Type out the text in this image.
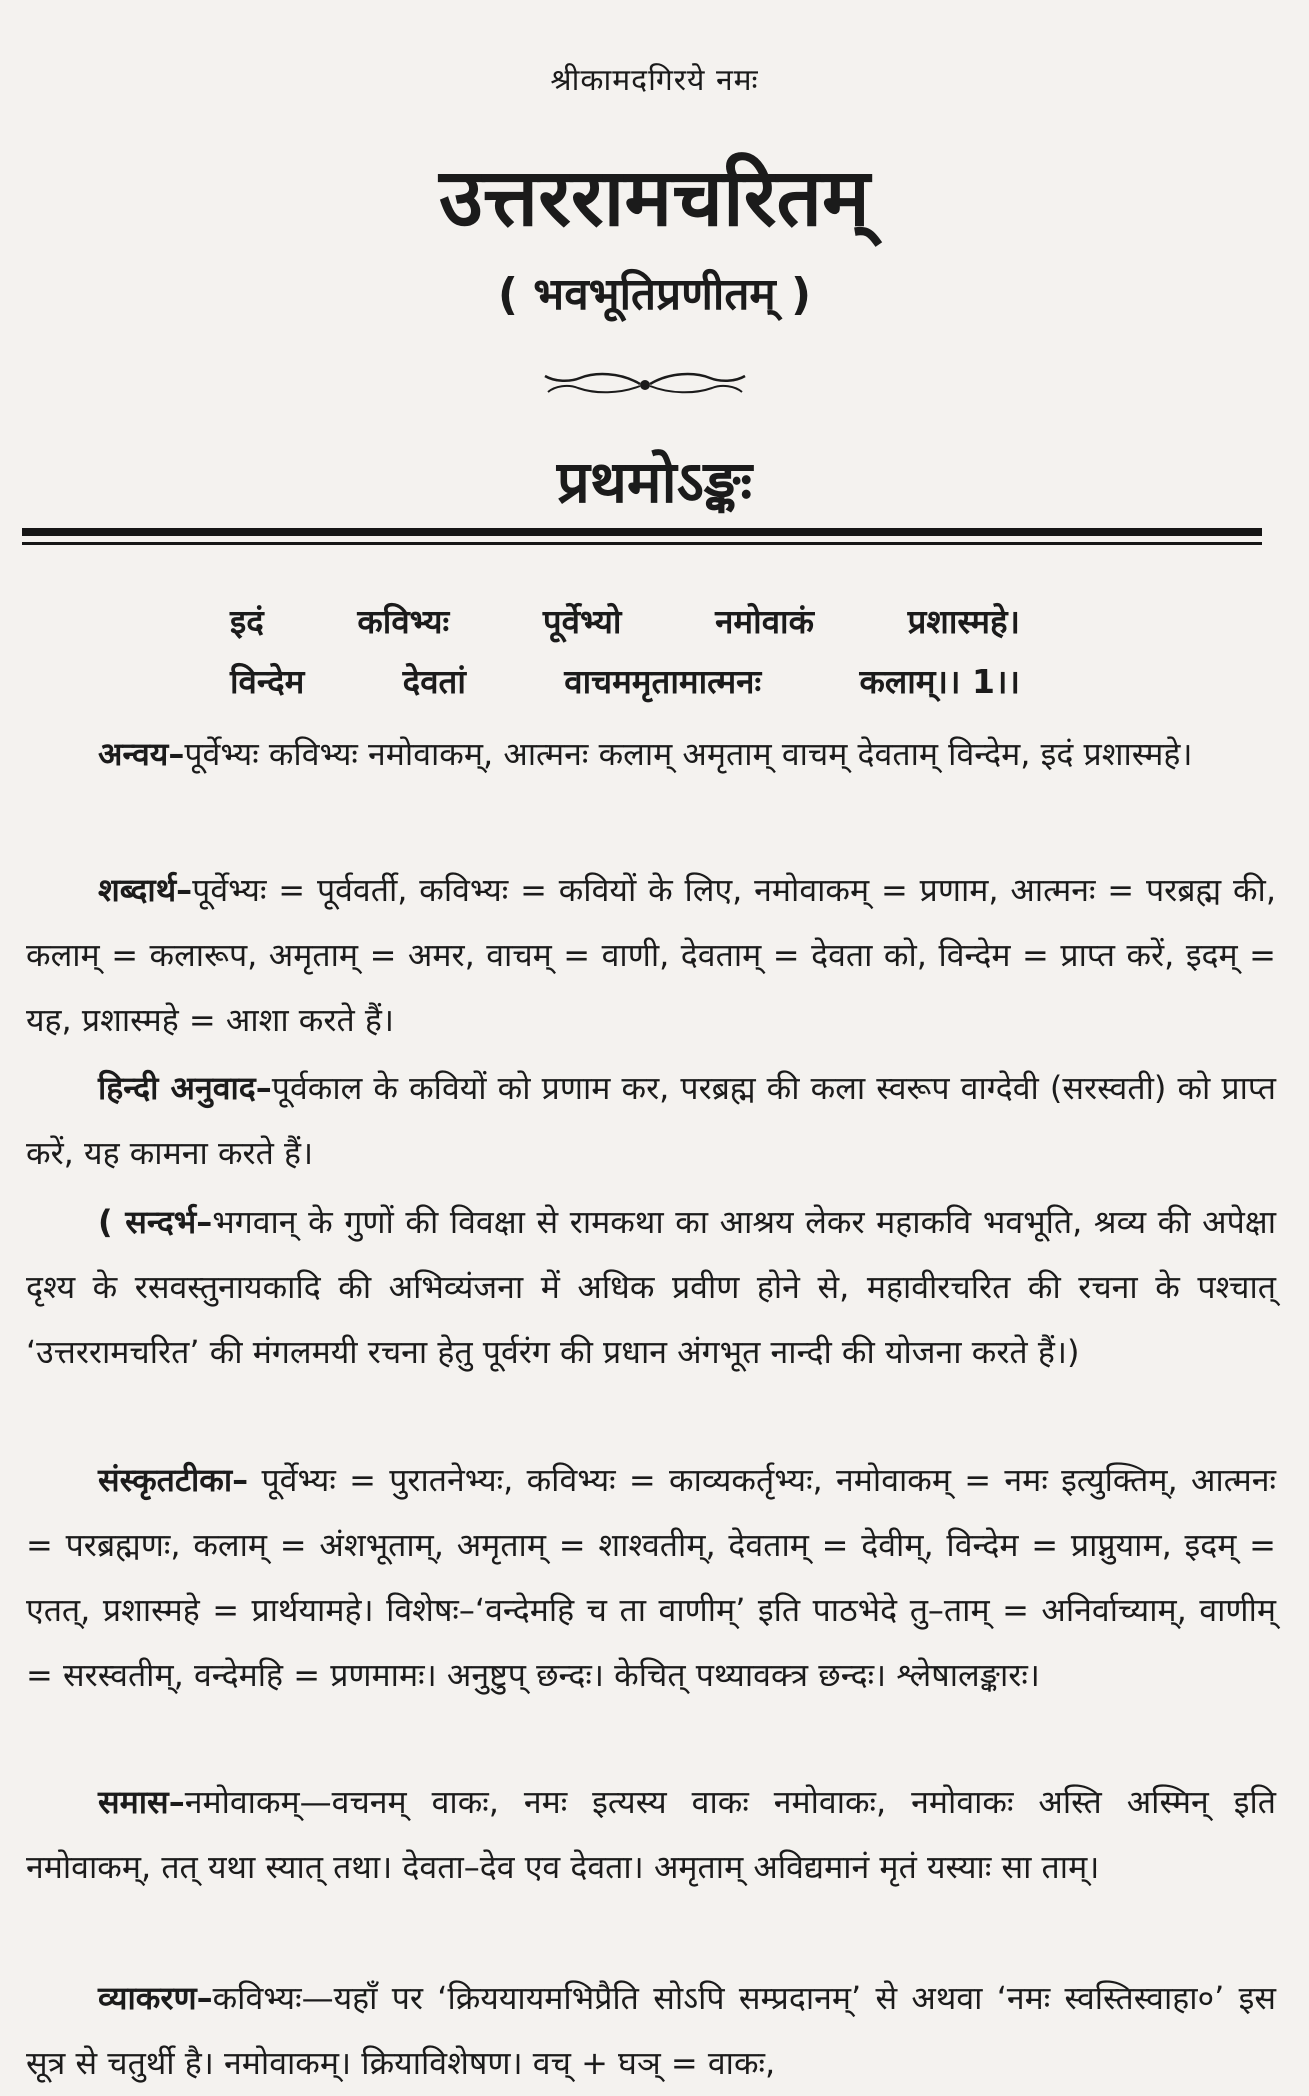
श्रीकामदगिरये नमः
उत्तररामचरितम्
( भवभूतिप्रणीतम् )
प्रथमोऽङ्कः
इदं	कविभ्यः	पूर्वेभ्यो	नमोवाकं	प्रशास्महे।
विन्देम	देवतां	वाचममृतामात्मनः	कलाम्।। 1।।

अन्वय–पूर्वेभ्यः कविभ्यः नमोवाकम्, आत्मनः कलाम् अमृताम् वाचम् देवताम् विन्देम, इदं प्रशास्महे।

शब्दार्थ–पूर्वेभ्यः = पूर्ववर्ती, कविभ्यः = कवियों के लिए, नमोवाकम् = प्रणाम, आत्मनः = परब्रह्म की, कलाम् = कलारूप, अमृताम् = अमर, वाचम् = वाणी, देवताम् = देवता को, विन्देम = प्राप्त करें, इदम् = यह, प्रशास्महे = आशा करते हैं।

हिन्दी अनुवाद–पूर्वकाल के कवियों को प्रणाम कर, परब्रह्म की कला स्वरूप वाग्देवी (सरस्वती) को प्राप्त करें, यह कामना करते हैं।

( सन्दर्भ–भगवान् के गुणों की विवक्षा से रामकथा का आश्रय लेकर महाकवि भवभूति, श्रव्य की अपेक्षा दृश्य के रसवस्तुनायकादि की अभिव्यंजना में अधिक प्रवीण होने से, महावीरचरित की रचना के पश्चात् ‘उत्तररामचरित’ की मंगलमयी रचना हेतु पूर्वरंग की प्रधान अंगभूत नान्दी की योजना करते हैं।)

संस्कृतटीका– पूर्वेभ्यः = पुरातनेभ्यः, कविभ्यः = काव्यकर्तृभ्यः, नमोवाकम् = नमः इत्युक्तिम्, आत्मनः = परब्रह्मणः, कलाम् = अंशभूताम्, अमृताम् = शाश्वतीम्, देवताम् = देवीम्, विन्देम = प्राप्नुयाम, इदम् = एतत्, प्रशास्महे = प्रार्थयामहे। विशेषः–‘वन्देमहि च ता वाणीम्’ इति पाठभेदे तु–ताम् = अनिर्वाच्याम्, वाणीम् = सरस्वतीम्, वन्देमहि = प्रणमामः। अनुष्टुप् छन्दः। केचित् पथ्यावक्त्र छन्दः। श्लेषालङ्कारः।

समास–नमोवाकम्—वचनम् वाकः, नमः इत्यस्य वाकः नमोवाकः, नमोवाकः अस्ति अस्मिन् इति नमोवाकम्, तत् यथा स्यात् तथा। देवता–देव एव देवता। अमृताम् अविद्यमानं मृतं यस्याः सा ताम्।

व्याकरण–कविभ्यः—यहाँ पर ‘क्रिययायमभिप्रैति सोऽपि सम्प्रदानम्’ से अथवा ‘नमः स्वस्तिस्वाहा०’ इस सूत्र से चतुर्थी है। नमोवाकम्। क्रियाविशेषण। वच् + घञ् = वाकः,
